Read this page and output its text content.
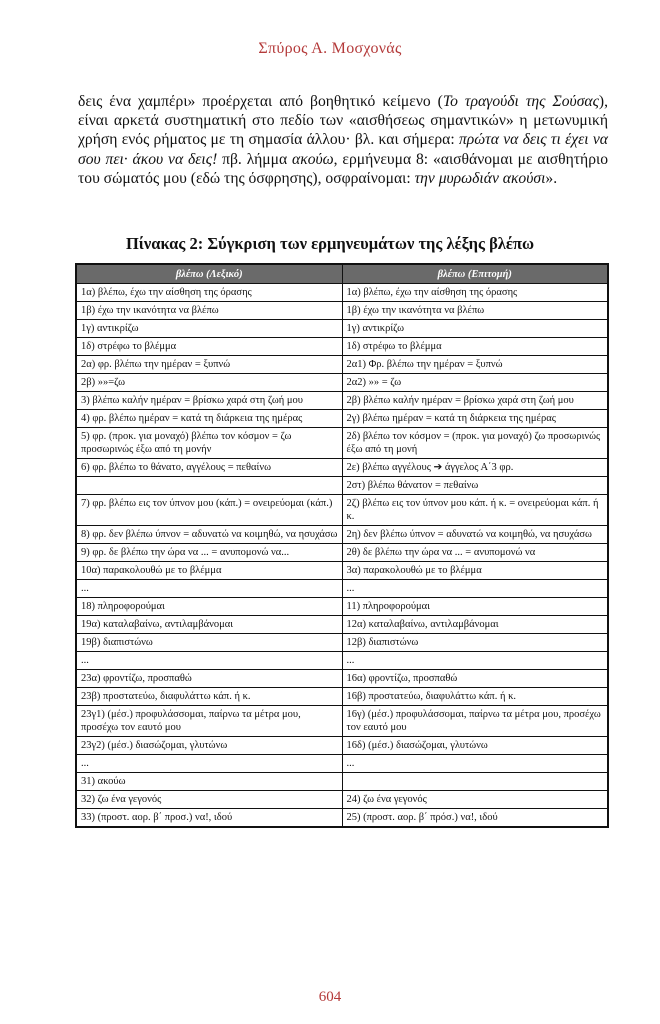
Σπύρος Α. Μοσχονάς
δεις ένα χαμπέρι» προέρχεται από βοηθητικό κείμενο (Το τραγούδι της Σούσας), είναι αρκετά συστηματική στο πεδίο των «αισθήσεως σημαντικών» η μετωνυμική χρήση ενός ρήματος με τη σημασία άλλου· βλ. και σήμερα: πρώτα να δεις τι έχει να σου πει· άκου να δεις! πβ. λήμμα ακούω, ερμήνευμα 8: «αισθάνομαι με αισθητήριο του σώματός μου (εδώ της όσφρησης), οσφραίνομαι: την μυρωδιάν ακούσι».
Πίνακας 2: Σύγκριση των ερμηνευμάτων της λέξης βλέπω
βλέπω (Λεξικό)	βλέπω (Επιτομή)
1α) βλέπω, έχω την αίσθηση της όρασης	1α) βλέπω, έχω την αίσθηση της όρασης
1β) έχω την ικανότητα να βλέπω	1β) έχω την ικανότητα να βλέπω
1γ) αντικρίζω	1γ) αντικρίζω
1δ) στρέφω το βλέμμα	1δ) στρέφω το βλέμμα
2α) φρ. βλέπω την ημέραν = ξυπνώ	2α1) Φρ. βλέπω την ημέραν = ξυπνώ
2β) »»=ζω	2α2) »» = ζω
3) βλέπω καλήν ημέραν = βρίσκω χαρά στη ζωή μου	2β) βλέπω καλήν ημέραν = βρίσκω χαρά στη ζωή μου
4) φρ. βλέπω ημέραν = κατά τη διάρκεια της ημέρας	2γ) βλέπω ημέραν = κατά τη διάρκεια της ημέρας
5) φρ. (προκ. για μοναχό) βλέπω τον κόσμον = ζω προσωρινώς έξω από τη μονήν	2δ) βλέπω τον κόσμον = (προκ. για μοναχό) ζω προσωρινώς έξω από τη μονή
6) φρ. βλέπω το θάνατο, αγγέλους = πεθαίνω	2ε) βλέπω αγγέλους ➔ άγγελος Α΄3 φρ.
	2στ) βλέπω θάνατον = πεθαίνω
7) φρ. βλέπω εις τον ύπνον μου (κάπ.) = ονειρεύομαι (κάπ.)	2ζ) βλέπω εις τον ύπνον μου κάπ. ή κ. = ονειρεύομαι κάπ. ή κ.
8) φρ. δεν βλέπω ύπνον = αδυνατώ να κοιμηθώ, να ησυχάσω	2η) δεν βλέπω ύπνον = αδυνατώ να κοιμηθώ, να ησυχάσω
9) φρ. δε βλέπω την ώρα να ... = ανυπομονώ να...	2θ) δε βλέπω την ώρα να ... = ανυπομονώ να
10α) παρακολουθώ με το βλέμμα	3α) παρακολουθώ με το βλέμμα
...	...
18) πληροφορούμαι	11) πληροφορούμαι
19α) καταλαβαίνω, αντιλαμβάνομαι	12α) καταλαβαίνω, αντιλαμβάνομαι
19β) διαπιστώνω	12β) διαπιστώνω
...	...
23α) φροντίζω, προσπαθώ	16α) φροντίζω, προσπαθώ
23β) προστατεύω, διαφυλάττω κάπ. ή κ.	16β) προστατεύω, διαφυλάττω κάπ. ή κ.
23γ1) (μέσ.) προφυλάσσομαι, παίρνω τα μέτρα μου, προσέχω τον εαυτό μου	16γ) (μέσ.) προφυλάσσομαι, παίρνω τα μέτρα μου, προσέχω τον εαυτό μου
23γ2) (μέσ.) διασώζομαι, γλυτώνω	16δ) (μέσ.) διασώζομαι, γλυτώνω
...	...
31) ακούω	
32) ζω ένα γεγονός	24) ζω ένα γεγονός
33) (προστ. αορ. β΄ προσ.) να!, ιδού	25) (προστ. αορ. β΄ πρόσ.) να!, ιδού
604
